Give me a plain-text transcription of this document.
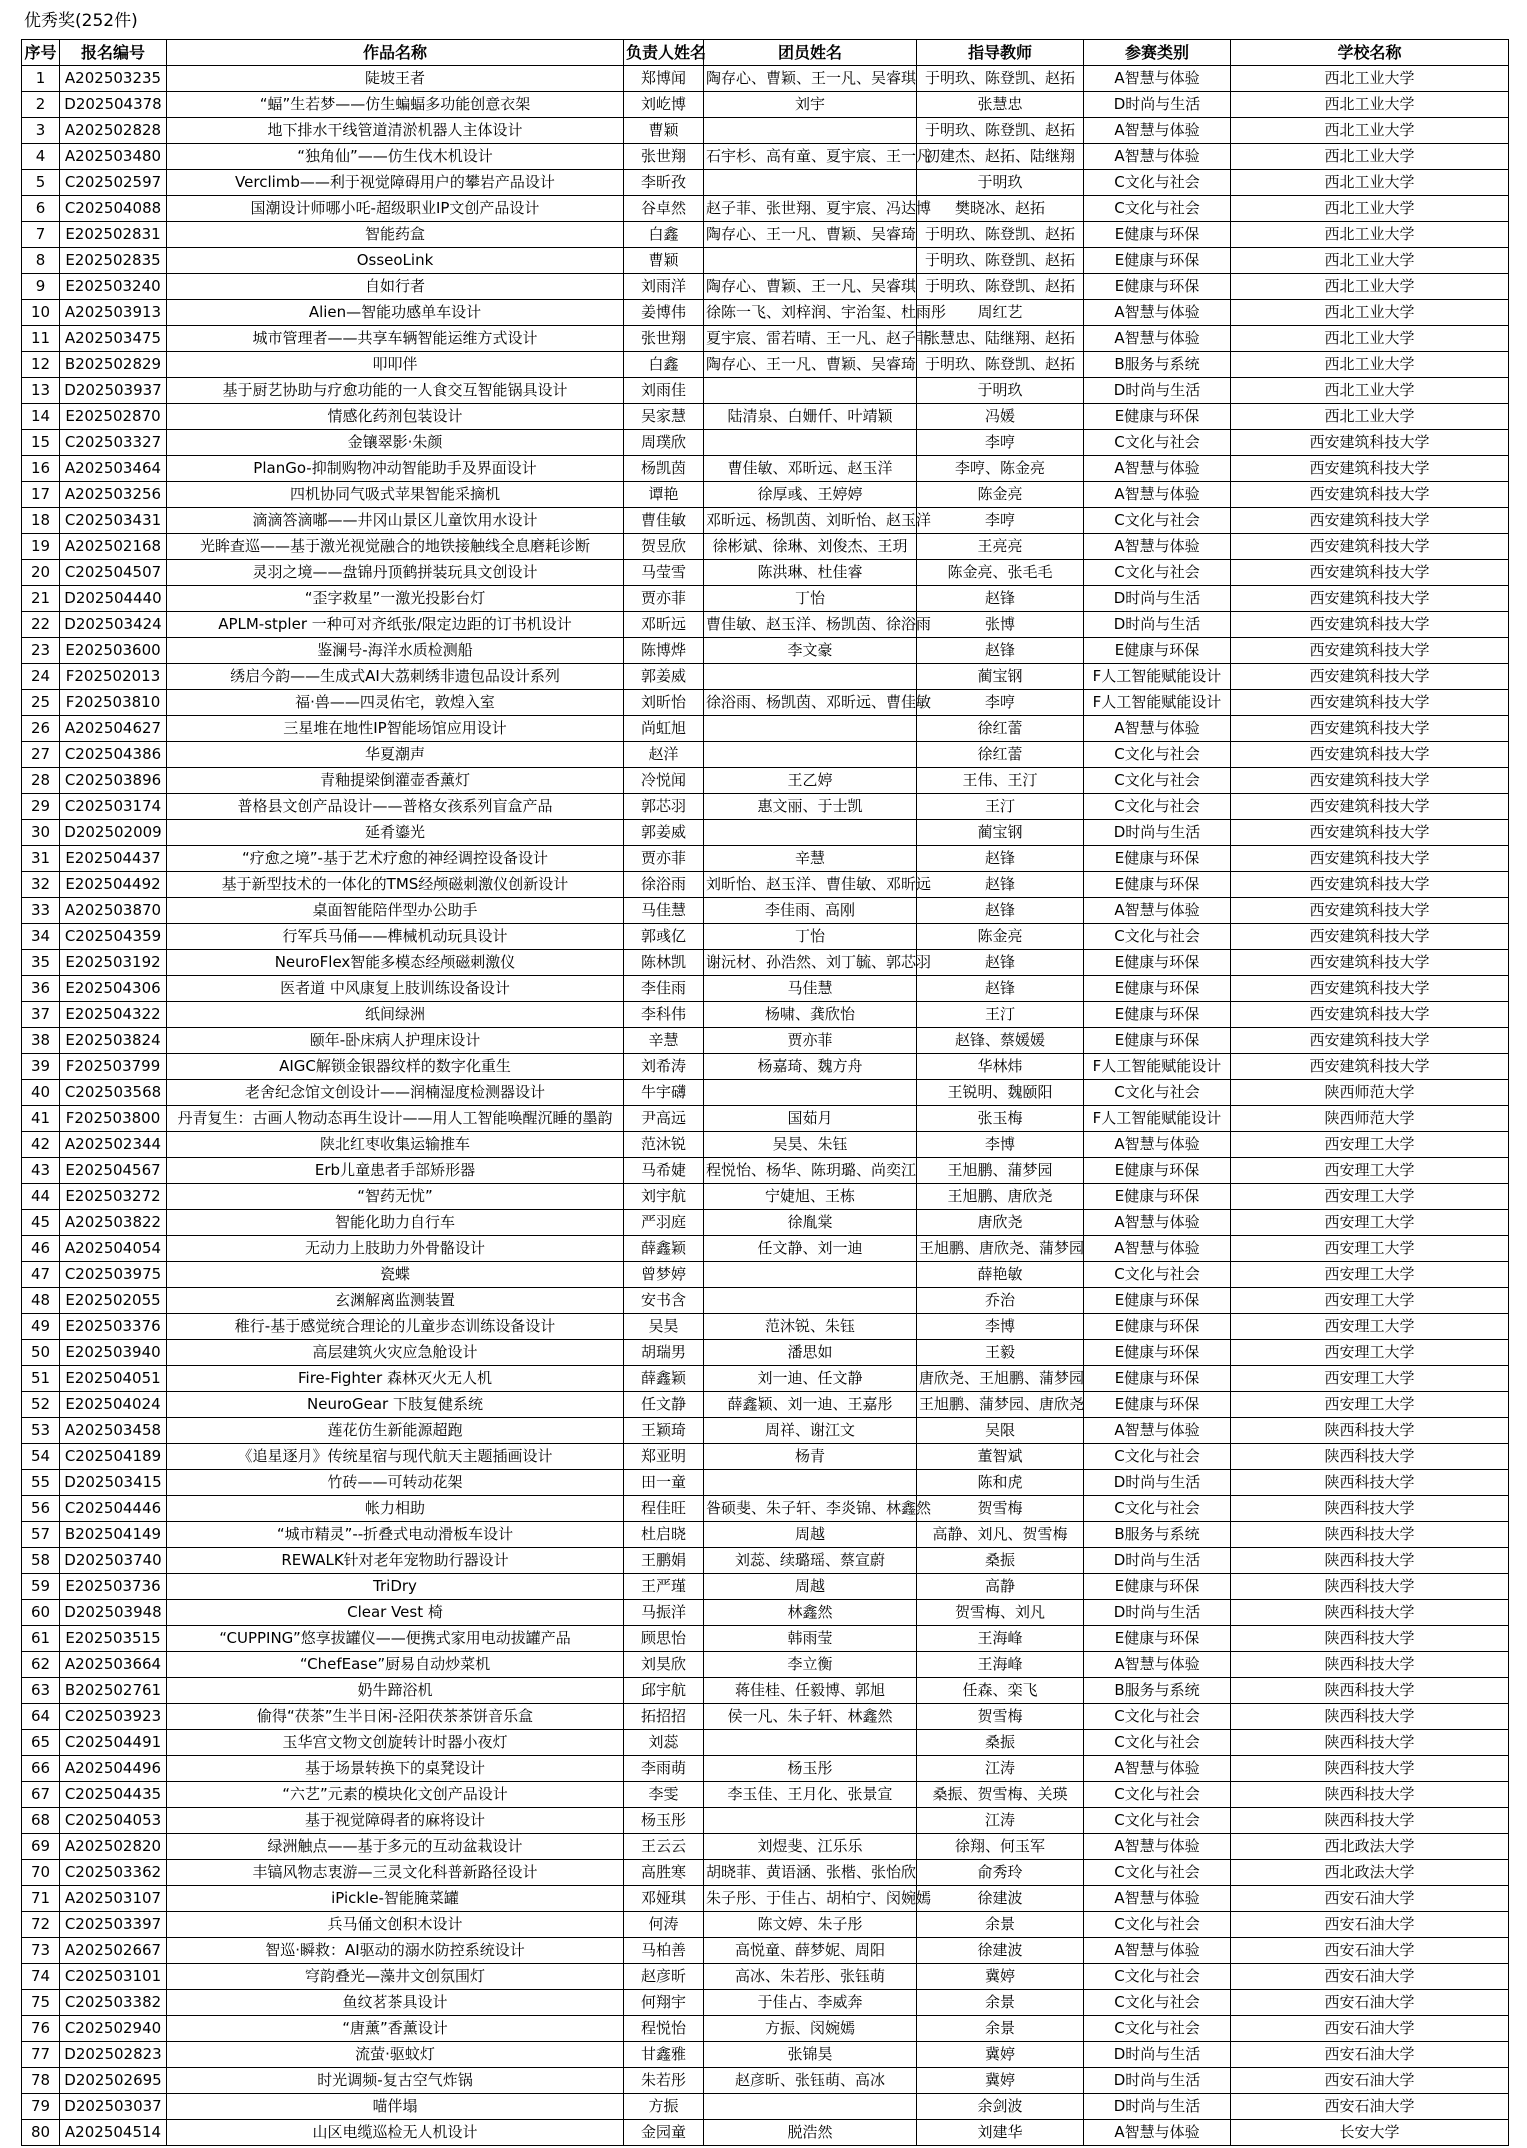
优秀奖(252件)
序号	报名编号	作品名称	负责人姓名	团员姓名	指导教师	参赛类别	学校名称
1	A202503235	陡坡王者	郑博闻	陶存心、曹颖、王一凡、吴睿琪	于明玖、陈登凯、赵拓	A智慧与体验	西北工业大学
2	D202504378	“蝠”生若梦——仿生蝙蝠多功能创意衣架	刘屹博	刘宇	张慧忠	D时尚与生活	西北工业大学
3	A202502828	地下排水干线管道清淤机器人主体设计	曹颖		于明玖、陈登凯、赵拓	A智慧与体验	西北工业大学
4	A202503480	“独角仙”——仿生伐木机设计	张世翔	石宇杉、高有童、夏宇宸、王一凡	初建杰、赵拓、陆继翔	A智慧与体验	西北工业大学
5	C202502597	Verclimb——利于视觉障碍用户的攀岩产品设计	李昕孜		于明玖	C文化与社会	西北工业大学
6	C202504088	国潮设计师哪小吒-超级职业IP文创产品设计	谷卓然	赵子菲、张世翔、夏宇宸、冯达博	樊晓冰、赵拓	C文化与社会	西北工业大学
7	E202502831	智能药盒	白鑫	陶存心、王一凡、曹颖、吴睿琦	于明玖、陈登凯、赵拓	E健康与环保	西北工业大学
8	E202502835	OsseoLink	曹颖		于明玖、陈登凯、赵拓	E健康与环保	西北工业大学
9	E202503240	自如行者	刘雨洋	陶存心、曹颖、王一凡、吴睿琪	于明玖、陈登凯、赵拓	E健康与环保	西北工业大学
10	A202503913	Alien—智能功感单车设计	姜博伟	徐陈一飞、刘梓润、宇治玺、杜雨彤	周红艺	A智慧与体验	西北工业大学
11	A202503475	城市管理者——共享车辆智能运维方式设计	张世翔	夏宇宸、雷若晴、王一凡、赵子菲	张慧忠、陆继翔、赵拓	A智慧与体验	西北工业大学
12	B202502829	叩叩伴	白鑫	陶存心、王一凡、曹颖、吴睿琦	于明玖、陈登凯、赵拓	B服务与系统	西北工业大学
13	D202503937	基于厨艺协助与疗愈功能的一人食交互智能锅具设计	刘雨佳		于明玖	D时尚与生活	西北工业大学
14	E202502870	情感化药剂包装设计	吴家慧	陆清泉、白姗仟、叶靖颖	冯媛	E健康与环保	西北工业大学
15	C202503327	金镶翠影·朱颜	周璞欣		李哼	C文化与社会	西安建筑科技大学
16	A202503464	PlanGo-抑制购物冲动智能助手及界面设计	杨凯茵	曹佳敏、邓昕远、赵玉洋	李哼、陈金亮	A智慧与体验	西安建筑科技大学
17	A202503256	四机协同气吸式苹果智能采摘机	谭艳	徐厚彧、王婷婷	陈金亮	A智慧与体验	西安建筑科技大学
18	C202503431	滴滴答滴嘟——井冈山景区儿童饮用水设计	曹佳敏	邓昕远、杨凯茵、刘昕怡、赵玉洋	李哼	C文化与社会	西安建筑科技大学
19	A202502168	光眸查巡——基于激光视觉融合的地铁接触线全息磨耗诊断	贺昱欣	徐彬斌、徐琳、刘俊杰、王玥	王亮亮	A智慧与体验	西安建筑科技大学
20	C202504507	灵羽之境——盘锦丹顶鹤拼装玩具文创设计	马莹雪	陈洪琳、杜佳睿	陈金亮、张毛毛	C文化与社会	西安建筑科技大学
21	D202504440	“歪字救星”一激光投影台灯	贾亦菲	丁怡	赵锋	D时尚与生活	西安建筑科技大学
22	D202503424	APLM-stpler 一种可对齐纸张/限定边距的订书机设计	邓昕远	曹佳敏、赵玉洋、杨凯茵、徐浴雨	张博	D时尚与生活	西安建筑科技大学
23	E202503600	鉴澜号-海洋水质检测船	陈博烨	李文豪	赵锋	E健康与环保	西安建筑科技大学
24	F202502013	绣启今韵——生成式AI大荔刺绣非遗包品设计系列	郭姜威		蔺宝钢	F人工智能赋能设计	西安建筑科技大学
25	F202503810	福·兽——四灵佑宅，敦煌入室	刘昕怡	徐浴雨、杨凯茵、邓昕远、曹佳敏	李哼	F人工智能赋能设计	西安建筑科技大学
26	A202504627	三星堆在地性IP智能场馆应用设计	尚虹旭		徐红蕾	A智慧与体验	西安建筑科技大学
27	C202504386	华夏潮声	赵洋		徐红蕾	C文化与社会	西安建筑科技大学
28	C202503896	青釉提梁倒灌壶香薰灯	冷悦闻	王乙婷	王伟、王汀	C文化与社会	西安建筑科技大学
29	C202503174	普格县文创产品设计——普格女孩系列盲盒产品	郭芯羽	惠文丽、于士凯	王汀	C文化与社会	西安建筑科技大学
30	D202502009	延肴鎏光	郭姜威		蔺宝钢	D时尚与生活	西安建筑科技大学
31	E202504437	“疗愈之境”-基于艺术疗愈的神经调控设备设计	贾亦菲	辛慧	赵锋	E健康与环保	西安建筑科技大学
32	E202504492	基于新型技术的一体化的TMS经颅磁刺激仪创新设计	徐浴雨	刘昕怡、赵玉洋、曹佳敏、邓昕远	赵锋	E健康与环保	西安建筑科技大学
33	A202503870	桌面智能陪伴型办公助手	马佳慧	李佳雨、高刚	赵锋	A智慧与体验	西安建筑科技大学
34	C202504359	行军兵马俑——榫械机动玩具设计	郭彧亿	丁怡	陈金亮	C文化与社会	西安建筑科技大学
35	E202503192	NeuroFlex智能多模态经颅磁刺激仪	陈林凯	谢沅材、孙浩然、刘丁毓、郭芯羽	赵锋	E健康与环保	西安建筑科技大学
36	E202504306	医者道 中风康复上肢训练设备设计	李佳雨	马佳慧	赵锋	E健康与环保	西安建筑科技大学
37	E202504322	纸间绿洲	李科伟	杨啸、龚欣怡	王汀	E健康与环保	西安建筑科技大学
38	E202503824	颐年-卧床病人护理床设计	辛慧	贾亦菲	赵锋、蔡媛媛	E健康与环保	西安建筑科技大学
39	F202503799	AIGC解锁金银器纹样的数字化重生	刘希涛	杨嘉琦、魏方舟	华林炜	F人工智能赋能设计	西安建筑科技大学
40	C202503568	老舍纪念馆文创设计——润楠湿度检测器设计	牛宇礴		王锐明、魏颐阳	C文化与社会	陕西师范大学
41	F202503800	丹青复生：古画人物动态再生设计——用人工智能唤醒沉睡的墨韵	尹高远	国茹月	张玉梅	F人工智能赋能设计	陕西师范大学
42	A202502344	陕北红枣收集运输推车	范沐锐	吴昊、朱钰	李博	A智慧与体验	西安理工大学
43	E202504567	Erb儿童患者手部矫形器	马希婕	程悦怡、杨华、陈玥璐、尚奕江	王旭鹏、蒲梦园	E健康与环保	西安理工大学
44	E202503272	“智药无忧”	刘宇航	宁婕旭、王栋	王旭鹏、唐欣尧	E健康与环保	西安理工大学
45	A202503822	智能化助力自行车	严羽庭	徐胤棠	唐欣尧	A智慧与体验	西安理工大学
46	A202504054	无动力上肢助力外骨骼设计	薛鑫颖	任文静、刘一迪	王旭鹏、唐欣尧、蒲梦园	A智慧与体验	西安理工大学
47	C202503975	瓷蝶	曾梦婷		薛艳敏	C文化与社会	西安理工大学
48	E202502055	玄渊解离监测装置	安书含		乔治	E健康与环保	西安理工大学
49	E202503376	稚行-基于感觉统合理论的儿童步态训练设备设计	吴昊	范沐锐、朱钰	李博	E健康与环保	西安理工大学
50	E202503940	高层建筑火灾应急舱设计	胡瑞男	潘思如	王毅	E健康与环保	西安理工大学
51	E202504051	Fire-Fighter 森林灭火无人机	薛鑫颖	刘一迪、任文静	唐欣尧、王旭鹏、蒲梦园	E健康与环保	西安理工大学
52	E202504024	NeuroGear 下肢复健系统	任文静	薛鑫颖、刘一迪、王嘉彤	王旭鹏、蒲梦园、唐欣尧	E健康与环保	西安理工大学
53	A202503458	莲花仿生新能源超跑	王颖琦	周祥、谢江文	吴限	A智慧与体验	陕西科技大学
54	C202504189	《追星逐月》传统星宿与现代航天主题插画设计	郑亚明	杨青	董智斌	C文化与社会	陕西科技大学
55	D202503415	竹砖——可转动花架	田一童		陈和虎	D时尚与生活	陕西科技大学
56	C202504446	帐力相助	程佳旺	昝硕斐、朱子轩、李炎锦、林鑫然	贺雪梅	C文化与社会	陕西科技大学
57	B202504149	“城市精灵”--折叠式电动滑板车设计	杜启晓	周越	高静、刘凡、贺雪梅	B服务与系统	陕西科技大学
58	D202503740	REWALK针对老年宠物助行器设计	王鹏娟	刘蕊、续璐瑶、蔡宣蔚	桑振	D时尚与生活	陕西科技大学
59	E202503736	TriDry	王严瑾	周越	高静	E健康与环保	陕西科技大学
60	D202503948	Clear Vest 椅	马振洋	林鑫然	贺雪梅、刘凡	D时尚与生活	陕西科技大学
61	E202503515	“CUPPING”悠享拔罐仪——便携式家用电动拔罐产品	顾思怡	韩雨莹	王海峰	E健康与环保	陕西科技大学
62	A202503664	“ChefEase”厨易自动炒菜机	刘昊欣	李立衡	王海峰	A智慧与体验	陕西科技大学
63	B202502761	奶牛蹄浴机	邱宇航	蒋佳桂、任毅博、郭旭	任森、栾飞	B服务与系统	陕西科技大学
64	C202503923	偷得“茯茶”生半日闲-泾阳茯茶茶饼音乐盒	拓招招	侯一凡、朱子轩、林鑫然	贺雪梅	C文化与社会	陕西科技大学
65	C202504491	玉华宫文物文创旋转计时器小夜灯	刘蕊		桑振	C文化与社会	陕西科技大学
66	A202504496	基于场景转换下的桌凳设计	李雨萌	杨玉彤	江涛	A智慧与体验	陕西科技大学
67	C202504435	“六艺”元素的模块化文创产品设计	李雯	李玉佳、王月化、张景宣	桑振、贺雪梅、关瑛	C文化与社会	陕西科技大学
68	C202504053	基于视觉障碍者的麻将设计	杨玉彤		江涛	C文化与社会	陕西科技大学
69	A202502820	绿洲触点——基于多元的互动盆栽设计	王云云	刘煜斐、江乐乐	徐翔、何玉军	A智慧与体验	西北政法大学
70	C202503362	丰镐风物志衷游—三灵文化科普新路径设计	高胜寒	胡晓菲、黄语涵、张楷、张怡欣	俞秀玲	C文化与社会	西北政法大学
71	A202503107	iPickle-智能腌菜罐	邓娅琪	朱子彤、于佳占、胡柏宁、闵婉嫣	徐建波	A智慧与体验	西安石油大学
72	C202503397	兵马俑文创积木设计	何涛	陈文婷、朱子彤	余景	C文化与社会	西安石油大学
73	A202502667	智巡·瞬救：AI驱动的溺水防控系统设计	马柏善	高悦童、薛梦妮、周阳	徐建波	A智慧与体验	西安石油大学
74	C202503101	穹韵叠光—藻井文创氛围灯	赵彦昕	高冰、朱若彤、张钰萌	冀婷	C文化与社会	西安石油大学
75	C202503382	鱼纹茗茶具设计	何翔宇	于佳占、李威奔	余景	C文化与社会	西安石油大学
76	C202502940	“唐薰”香薰设计	程悦怡	方振、闵婉嫣	余景	C文化与社会	西安石油大学
77	D202502823	流萤·驱蚊灯	甘鑫雅	张锦昊	冀婷	D时尚与生活	西安石油大学
78	D202502695	时光调频-复古空气炸锅	朱若彤	赵彦昕、张钰萌、高冰	冀婷	D时尚与生活	西安石油大学
79	D202503037	喵伴塌	方振		余剑波	D时尚与生活	西安石油大学
80	A202504514	山区电缆巡检无人机设计	金园童	脱浩然	刘建华	A智慧与体验	长安大学
